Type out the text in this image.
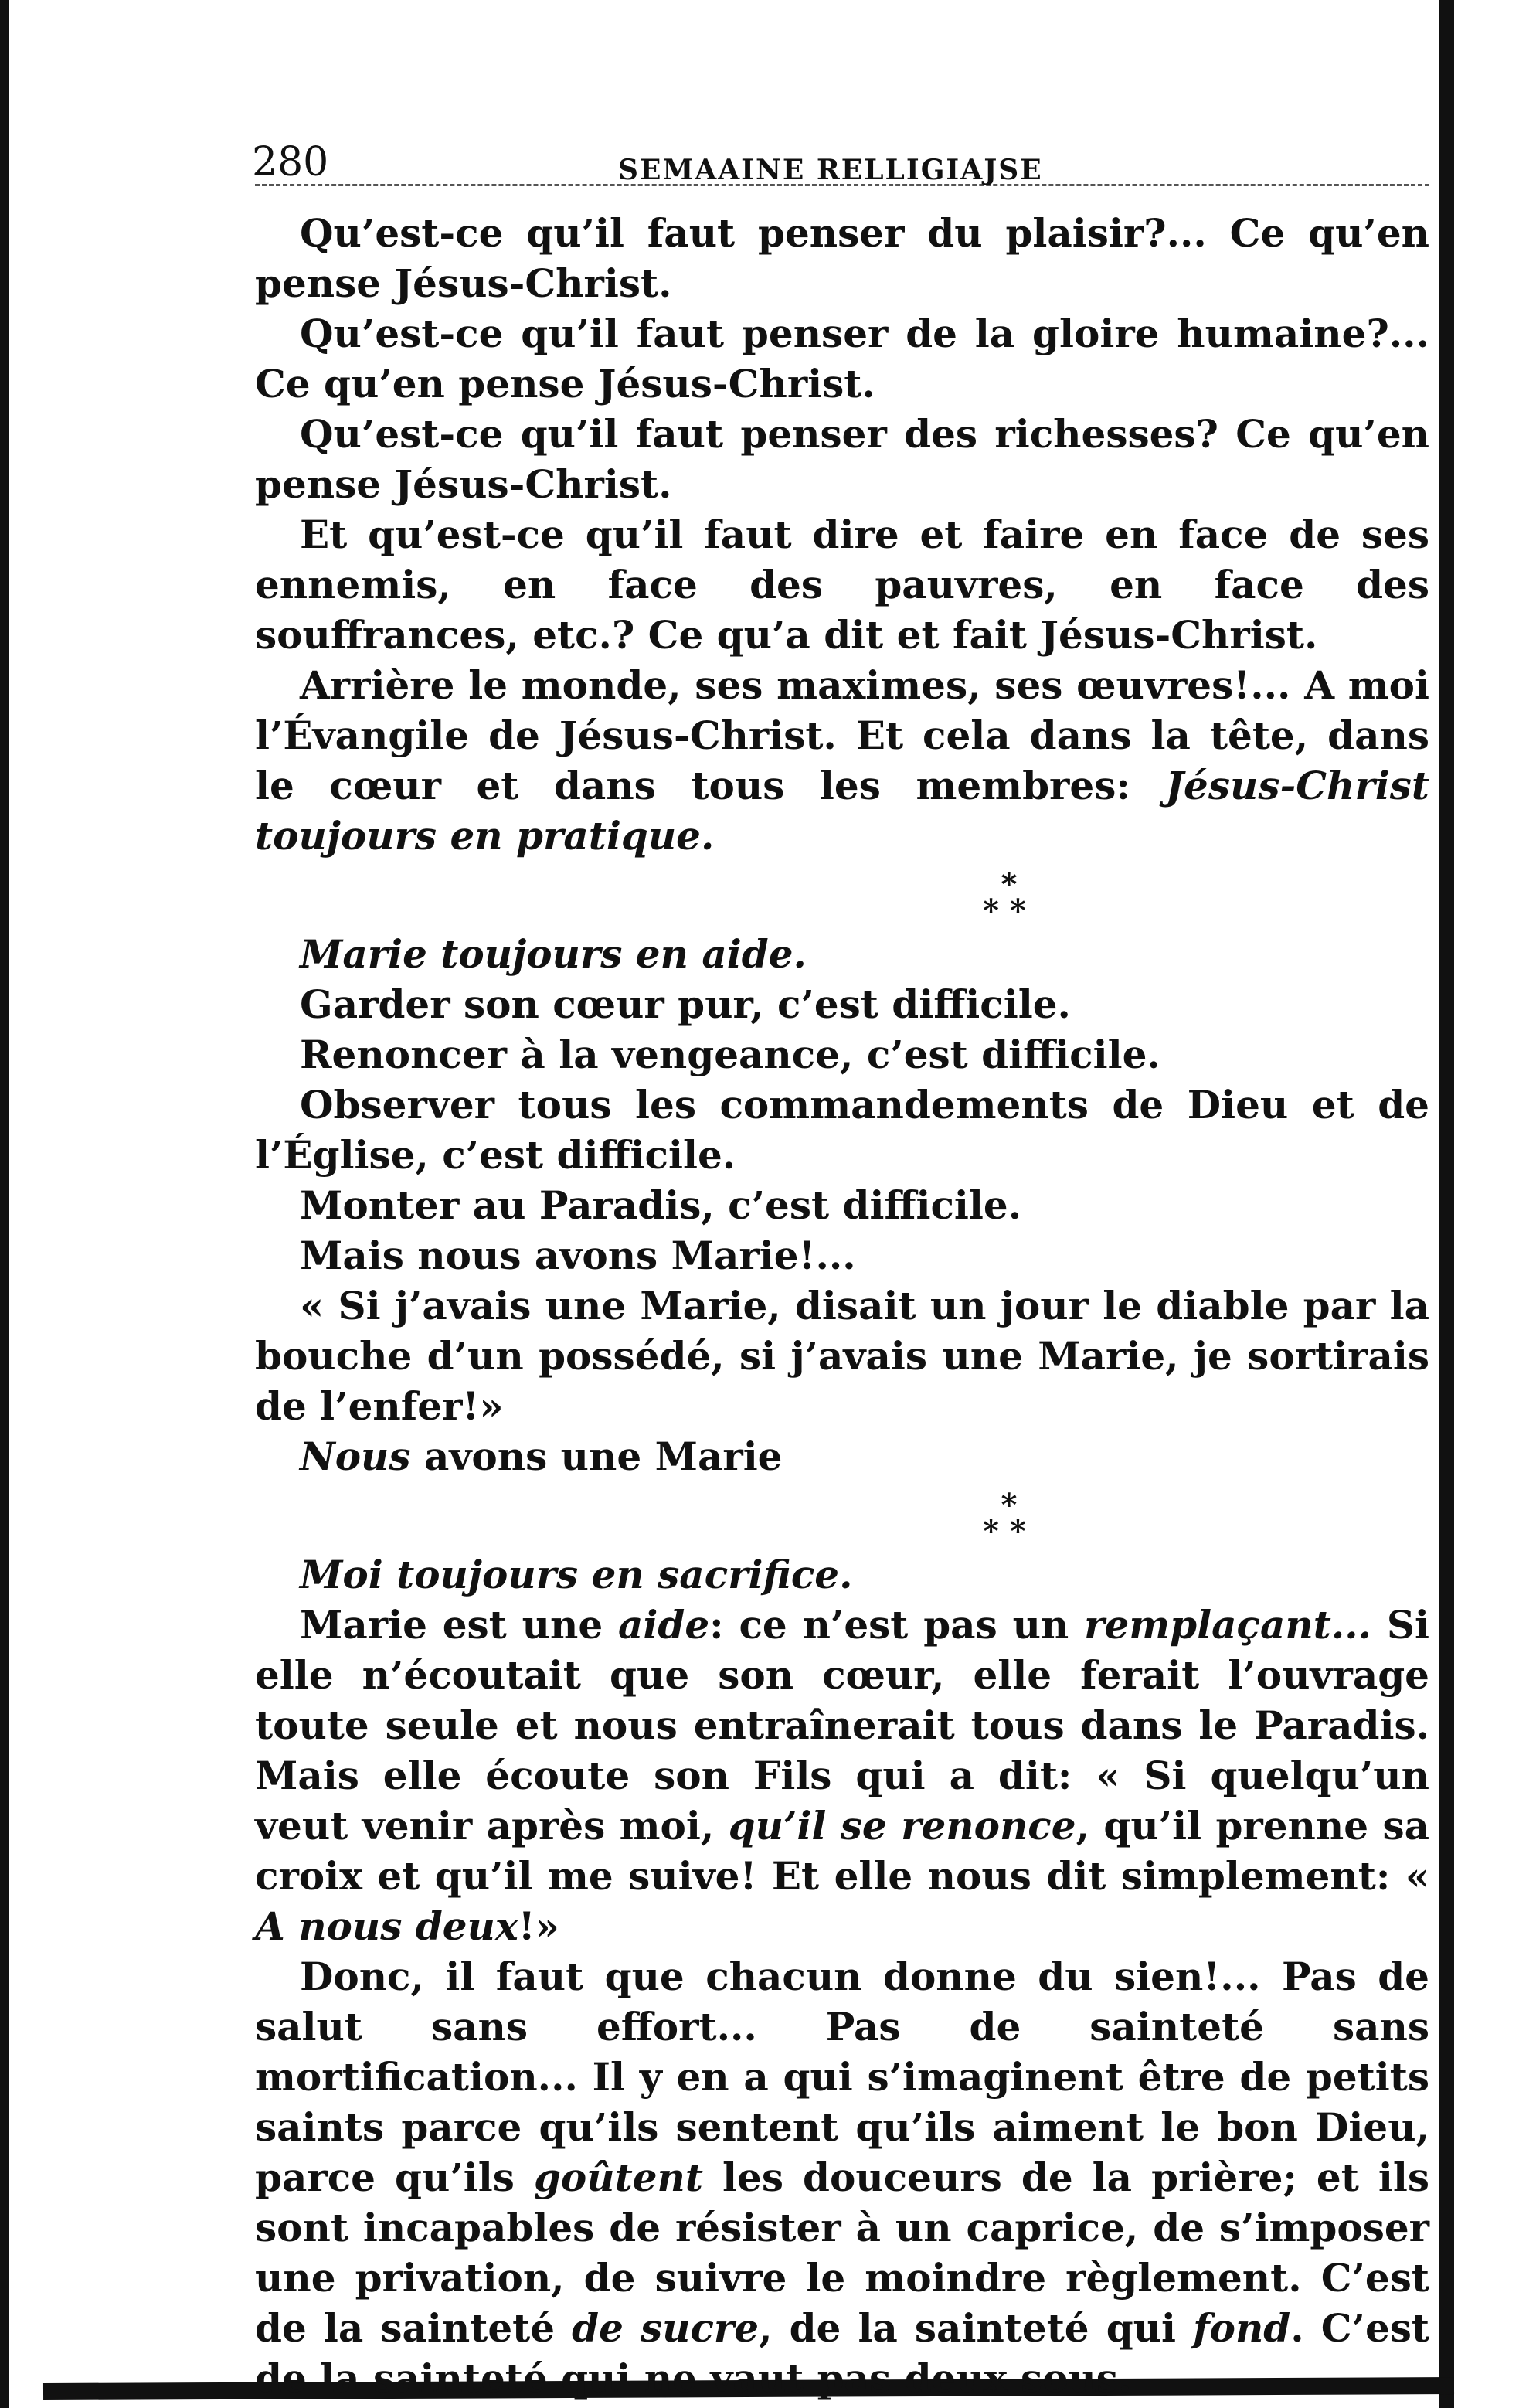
280	SEMAAINE RELLIGIAJSE

Qu’est-ce qu’il faut penser du plaisir?... Ce qu’en pense Jésus-Christ.

Qu’est-ce qu’il faut penser de la gloire humaine?... Ce qu’en pense Jésus-Christ.

Qu’est-ce qu’il faut penser des richesses? Ce qu’en pense Jésus-Christ.

Et qu’est-ce qu’il faut dire et faire en face de ses ennemis, en face des pauvres, en face des souffrances, etc.? Ce qu’a dit et fait Jésus-Christ.

Arrière le monde, ses maximes, ses œuvres!... A moi l’Évangile de Jésus-Christ. Et cela dans la tête, dans le cœur et dans tous les membres: Jésus-Christ toujours en pratique.

*
* *

Marie toujours en aide.

Garder son cœur pur, c’est difficile.

Renoncer à la vengeance, c’est difficile.

Observer tous les commandements de Dieu et de l’Église, c’est difficile.

Monter au Paradis, c’est difficile.

Mais nous avons Marie!...

« Si j’avais une Marie, disait un jour le diable par la bouche d’un possédé, si j’avais une Marie, je sortirais de l’enfer!»

Nous avons une Marie

*
* *

Moi toujours en sacrifice.

Marie est une aide: ce n’est pas un remplaçant... Si elle n’écoutait que son cœur, elle ferait l’ouvrage toute seule et nous entraînerait tous dans le Paradis. Mais elle écoute son Fils qui a dit: « Si quelqu’un veut venir après moi, qu’il se renonce, qu’il prenne sa croix et qu’il me suive! Et elle nous dit simplement: « A nous deux!»

Donc, il faut que chacun donne du sien!... Pas de salut sans effort... Pas de sainteté sans mortification... Il y en a qui s’imaginent être de petits saints parce qu’ils sentent qu’ils aiment le bon Dieu, parce qu’ils goûtent les douceurs de la prière; et ils sont incapables de résister à un caprice, de s’imposer une privation, de suivre le moindre règlement. C’est de la sainteté de sucre, de la sainteté qui fond. C’est de la sainteté qui ne vaut pas deux sous.
